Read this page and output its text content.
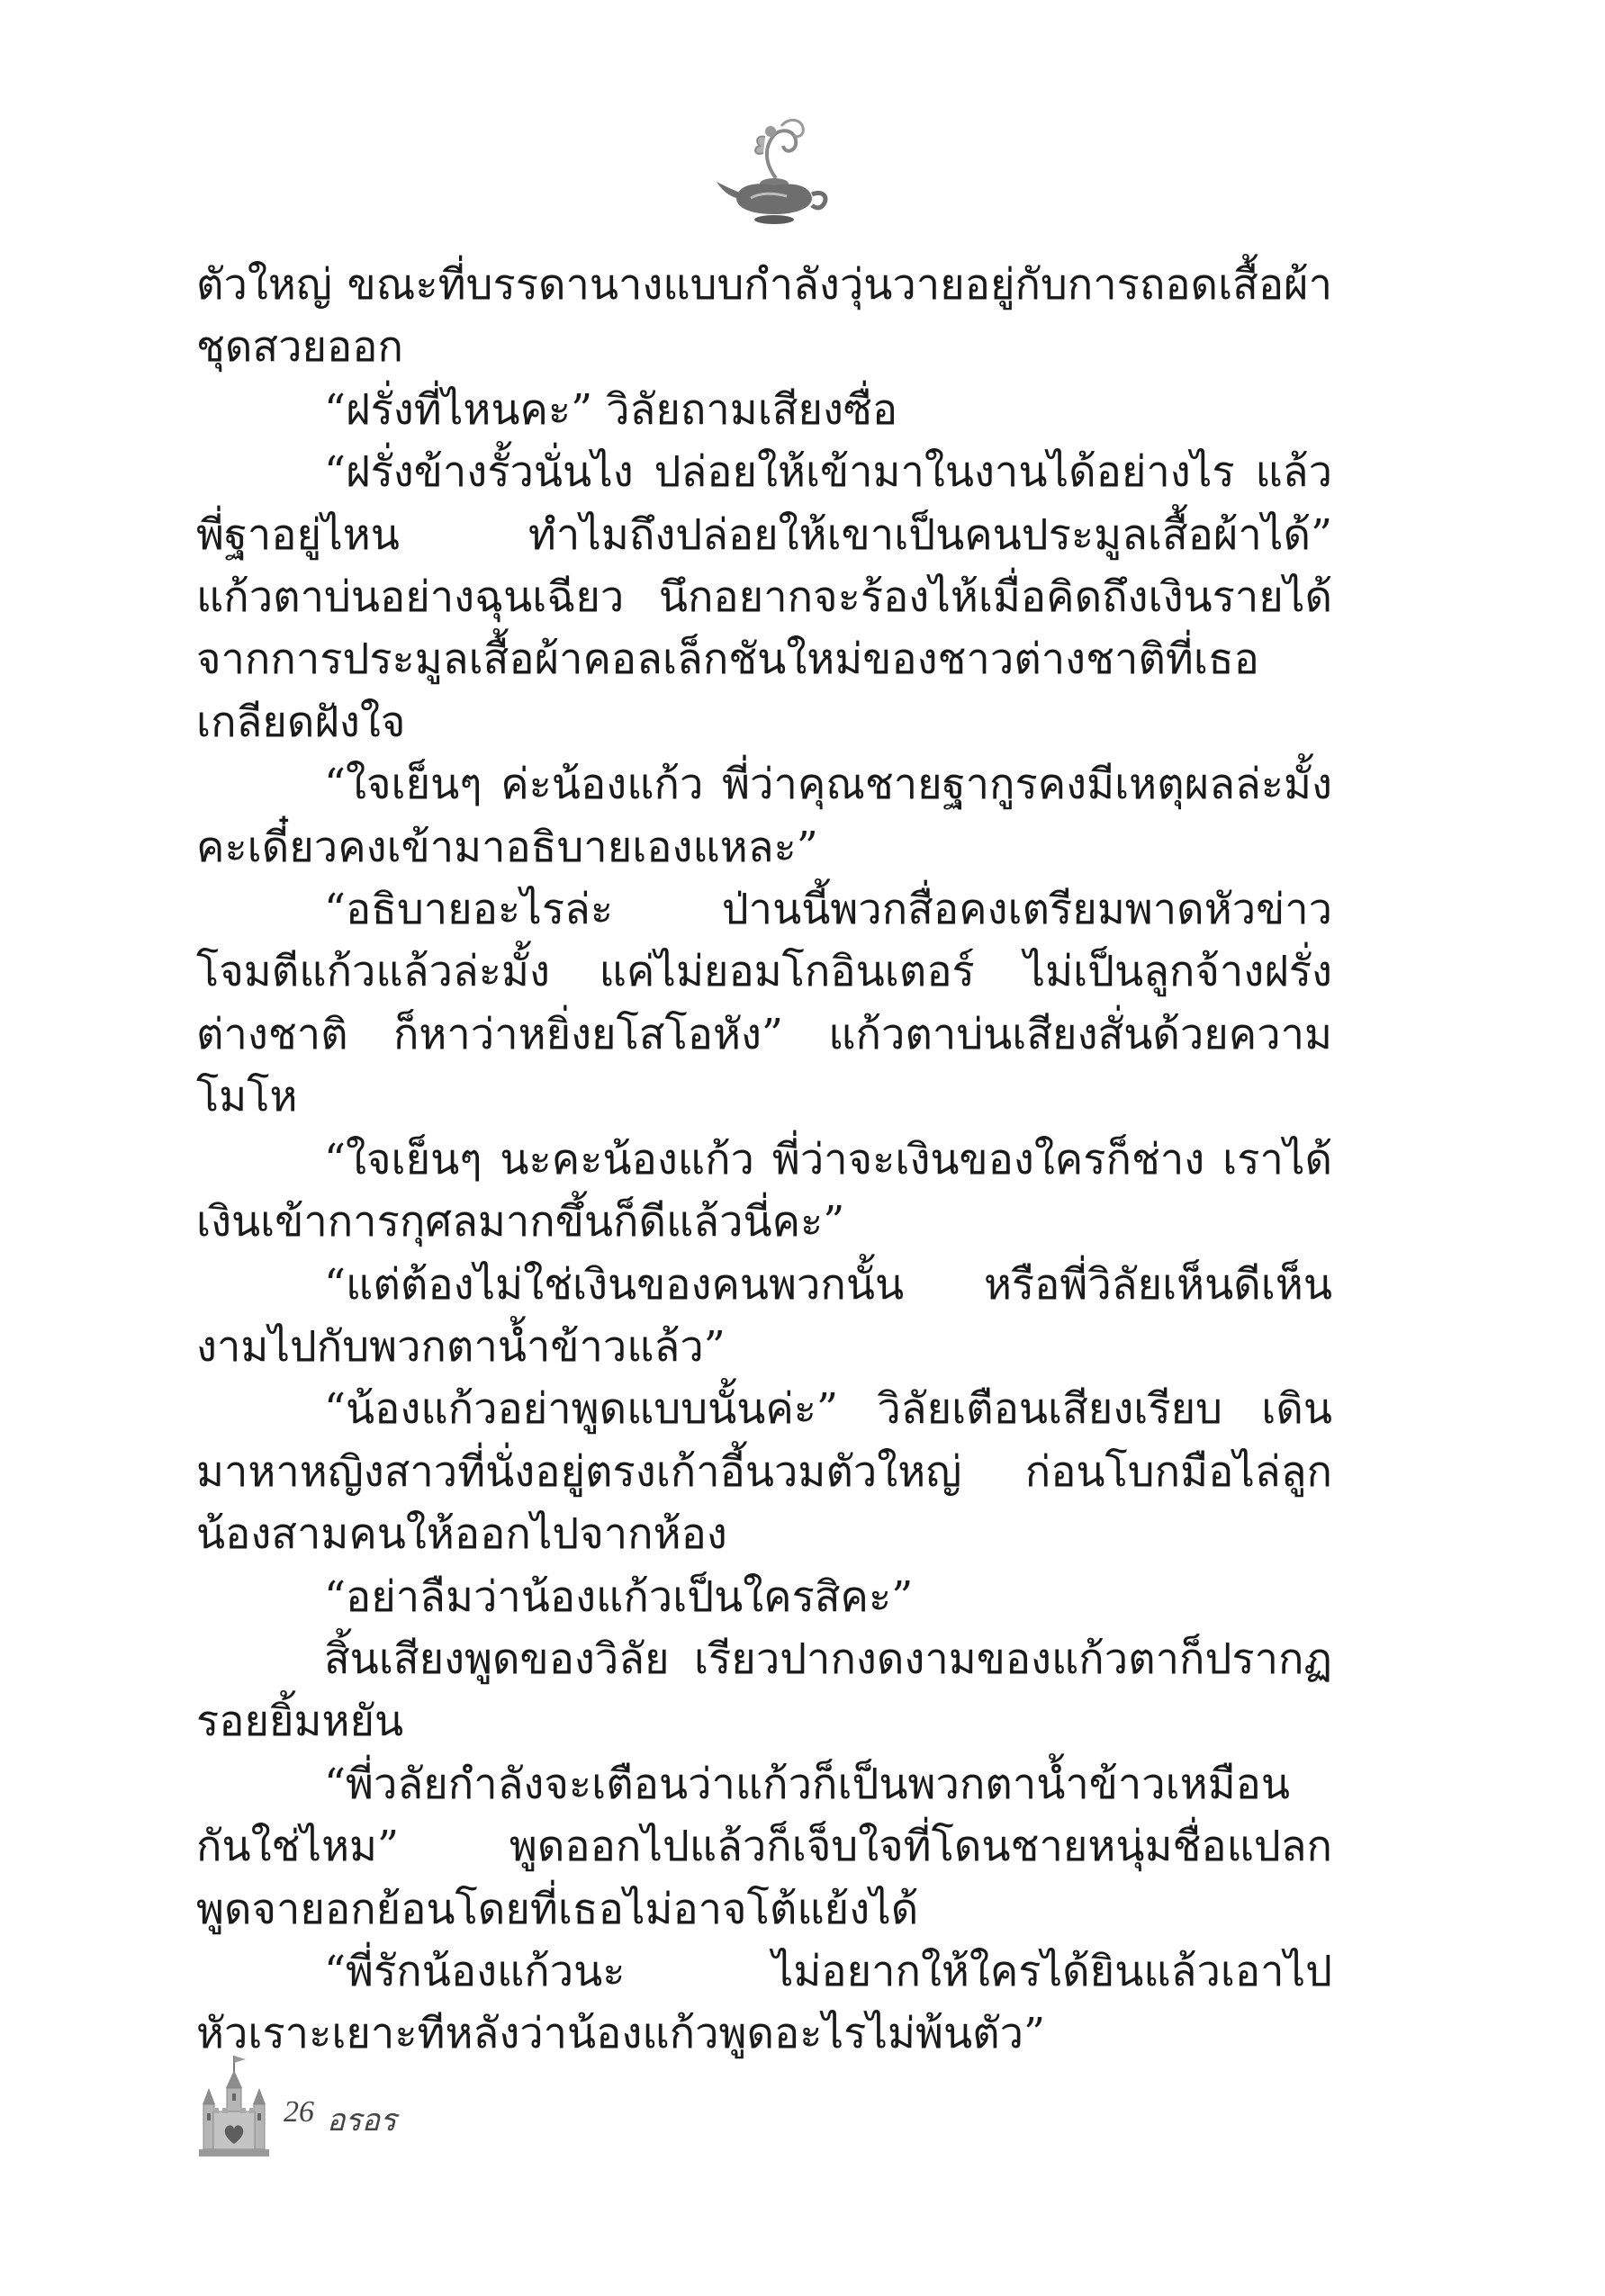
ตัวใหญ่ ขณะที่บรรดานางแบบกำลังวุ่นวายอยู่กับการถอดเสื้อผ้าชุดสวยออก

“ฝรั่งที่ไหนคะ” วิลัยถามเสียงซื่อ

“ฝรั่งข้างรั้วนั่นไง ปล่อยให้เข้ามาในงานได้อย่างไร แล้วพี่ฐาอยู่ไหน ทำไมถึงปล่อยให้เขาเป็นคนประมูลเสื้อผ้าได้” แก้วตาบ่นอย่างฉุนเฉียว นึกอยากจะร้องไห้เมื่อคิดถึงเงินรายได้จากการประมูลเสื้อผ้าคอลเล็กชันใหม่ของชาวต่างชาติที่เธอเกลียดฝังใจ

“ใจเย็นๆ ค่ะน้องแก้ว พี่ว่าคุณชายฐากูรคงมีเหตุผลล่ะมั้งคะเดี๋ยวคงเข้ามาอธิบายเองแหละ”

“อธิบายอะไรล่ะ ป่านนี้พวกสื่อคงเตรียมพาดหัวข่าวโจมตีแก้วแล้วล่ะมั้ง แค่ไม่ยอมโกอินเตอร์ ไม่เป็นลูกจ้างฝรั่งต่างชาติ ก็หาว่าหยิ่งยโสโอหัง” แก้วตาบ่นเสียงสั่นด้วยความโมโห

“ใจเย็นๆ นะคะน้องแก้ว พี่ว่าจะเงินของใครก็ช่าง เราได้เงินเข้าการกุศลมากขึ้นก็ดีแล้วนี่คะ”

“แต่ต้องไม่ใช่เงินของคนพวกนั้น หรือพี่วิลัยเห็นดีเห็นงามไปกับพวกตาน้ำข้าวแล้ว”

“น้องแก้วอย่าพูดแบบนั้นค่ะ” วิลัยเตือนเสียงเรียบ เดินมาหาหญิงสาวที่นั่งอยู่ตรงเก้าอี้นวมตัวใหญ่ ก่อนโบกมือไล่ลูกน้องสามคนให้ออกไปจากห้อง

“อย่าลืมว่าน้องแก้วเป็นใครสิคะ”

สิ้นเสียงพูดของวิลัย เรียวปากงดงามของแก้วตาก็ปรากฏรอยยิ้มหยัน

“พี่วลัยกำลังจะเตือนว่าแก้วก็เป็นพวกตาน้ำข้าวเหมือนกันใช่ไหม” พูดออกไปแล้วก็เจ็บใจที่โดนชายหนุ่มชื่อแปลกพูดจายอกย้อนโดยที่เธอไม่อาจโต้แย้งได้

“พี่รักน้องแก้วนะ ไม่อยากให้ใครได้ยินแล้วเอาไปหัวเราะเยาะทีหลังว่าน้องแก้วพูดอะไรไม่พ้นตัว”

26 อรอร
